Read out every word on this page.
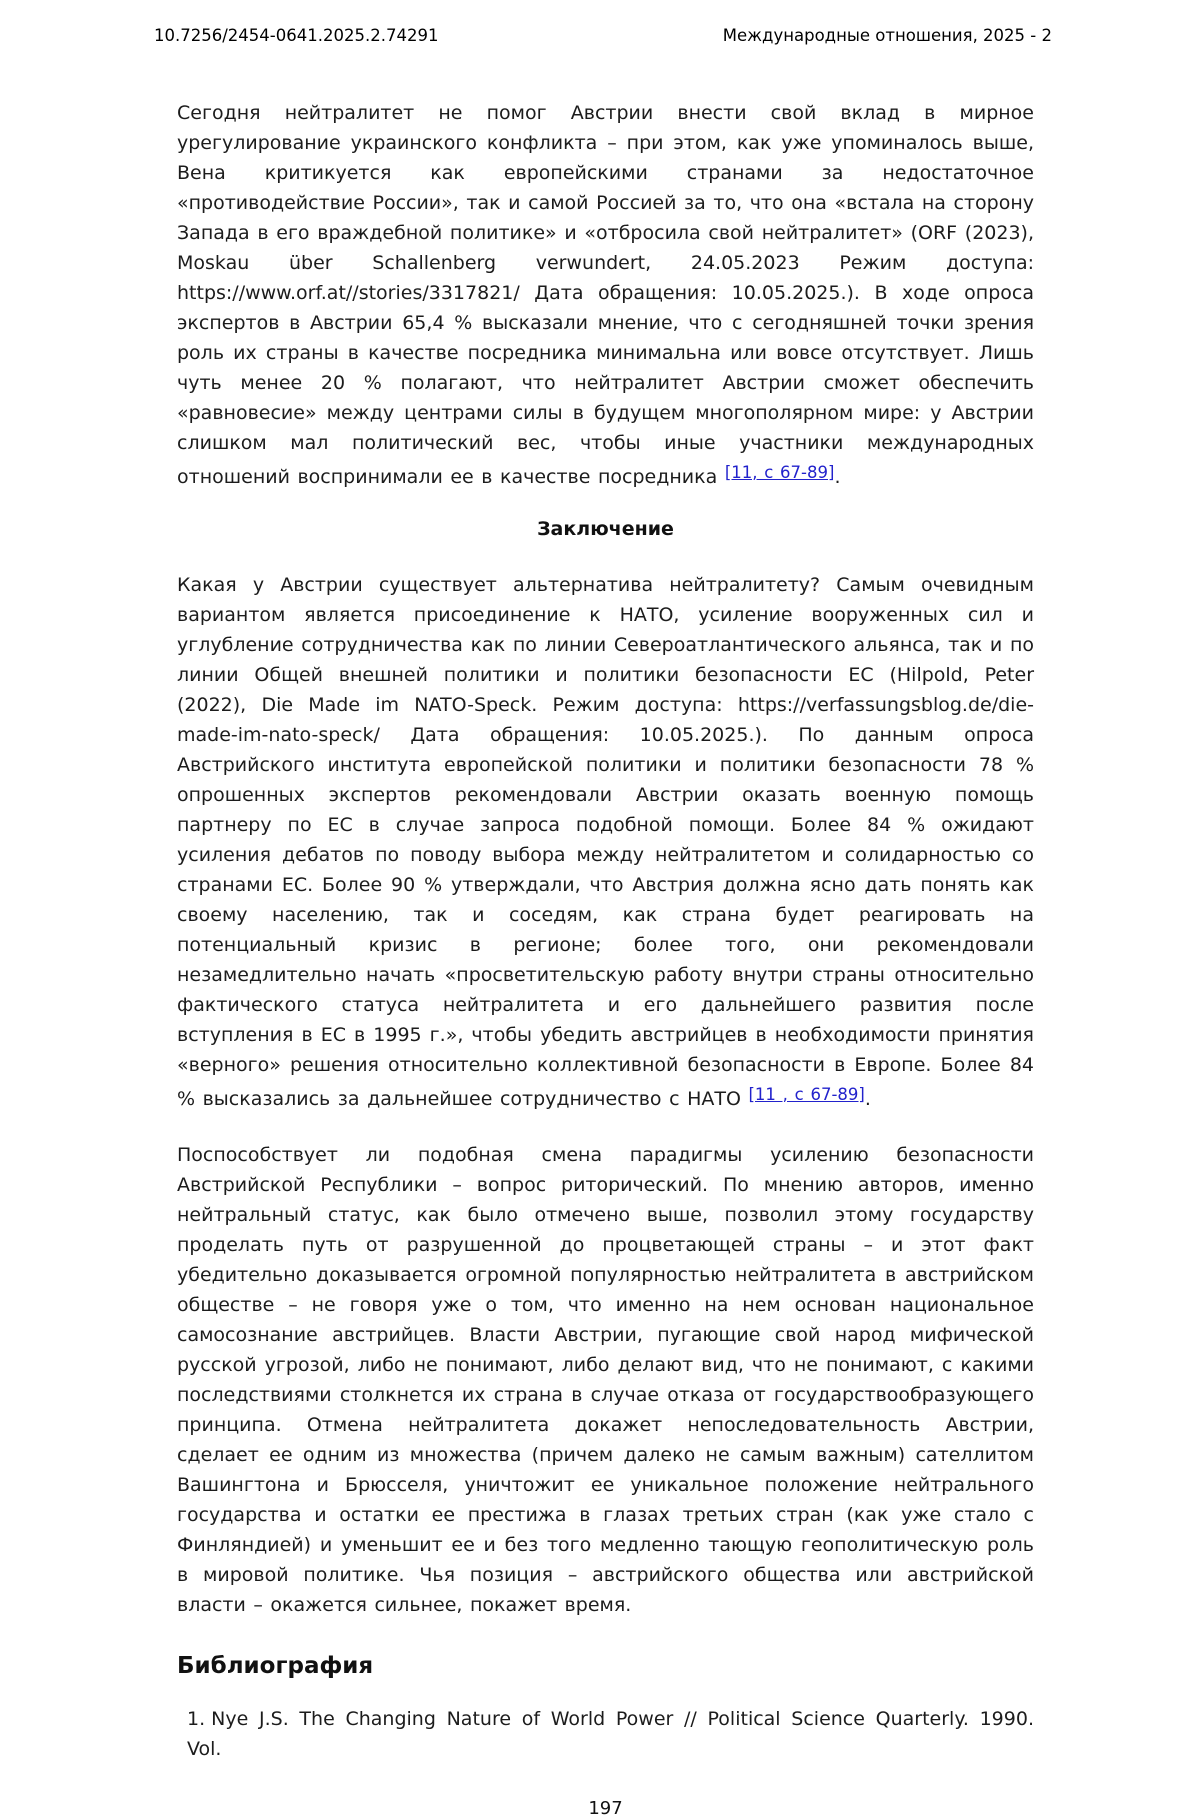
10.7256/2454-0641.2025.2.74291	Международные отношения, 2025 - 2

Сегодня нейтралитет не помог Австрии внести свой вклад в мирное урегулирование украинского конфликта – при этом, как уже упоминалось выше, Вена критикуется как европейскими странами за недостаточное «противодействие России», так и самой Россией за то, что она «встала на сторону Запада в его враждебной политике» и «отбросила свой нейтралитет» (ORF (2023), Moskau über Schallenberg verwundert, 24.05.2023 Режим доступа: https://www.orf.at//stories/3317821/ Дата обращения: 10.05.2025.). В ходе опроса экспертов в Австрии 65,4 % высказали мнение, что с сегодняшней точки зрения роль их страны в качестве посредника минимальна или вовсе отсутствует. Лишь чуть менее 20 % полагают, что нейтралитет Австрии сможет обеспечить «равновесие» между центрами силы в будущем многополярном мире: у Австрии слишком мал политический вес, чтобы иные участники международных отношений воспринимали ее в качестве посредника [11, с 67-89].

Заключение

Какая у Австрии существует альтернатива нейтралитету? Самым очевидным вариантом является присоединение к НАТО, усиление вооруженных сил и углубление сотрудничества как по линии Североатлантического альянса, так и по линии Общей внешней политики и политики безопасности ЕС (Hilpold, Peter (2022), Die Made im NATO-Speck. Режим доступа: https://verfassungsblog.de/die-made-im-nato-speck/ Дата обращения: 10.05.2025.). По данным опроса Австрийского института европейской политики и политики безопасности 78 % опрошенных экспертов рекомендовали Австрии оказать военную помощь партнеру по ЕС в случае запроса подобной помощи. Более 84 % ожидают усиления дебатов по поводу выбора между нейтралитетом и солидарностью со странами ЕС. Более 90 % утверждали, что Австрия должна ясно дать понять как своему населению, так и соседям, как страна будет реагировать на потенциальный кризис в регионе; более того, они рекомендовали незамедлительно начать «просветительскую работу внутри страны относительно фактического статуса нейтралитета и его дальнейшего развития после вступления в ЕС в 1995 г.», чтобы убедить австрийцев в необходимости принятия «верного» решения относительно коллективной безопасности в Европе. Более 84 % высказались за дальнейшее сотрудничество с НАТО [11 , с 67-89].

Поспособствует ли подобная смена парадигмы усилению безопасности Австрийской Республики – вопрос риторический. По мнению авторов, именно нейтральный статус, как было отмечено выше, позволил этому государству проделать путь от разрушенной до процветающей страны – и этот факт убедительно доказывается огромной популярностью нейтралитета в австрийском обществе – не говоря уже о том, что именно на нем основан национальное самосознание австрийцев. Власти Австрии, пугающие свой народ мифической русской угрозой, либо не понимают, либо делают вид, что не понимают, с какими последствиями столкнется их страна в случае отказа от государствообразующего принципа. Отмена нейтралитета докажет непоследовательность Австрии, сделает ее одним из множества (причем далеко не самым важным) сателлитом Вашингтона и Брюсселя, уничтожит ее уникальное положение нейтрального государства и остатки ее престижа в глазах третьих стран (как уже стало с Финляндией) и уменьшит ее и без того медленно тающую геополитическую роль в мировой политике. Чья позиция – австрийского общества или австрийской власти – окажется сильнее, покажет время.

Библиография
1. Nye J.S. The Changing Nature of World Power // Political Science Quarterly. 1990. Vol.
197
